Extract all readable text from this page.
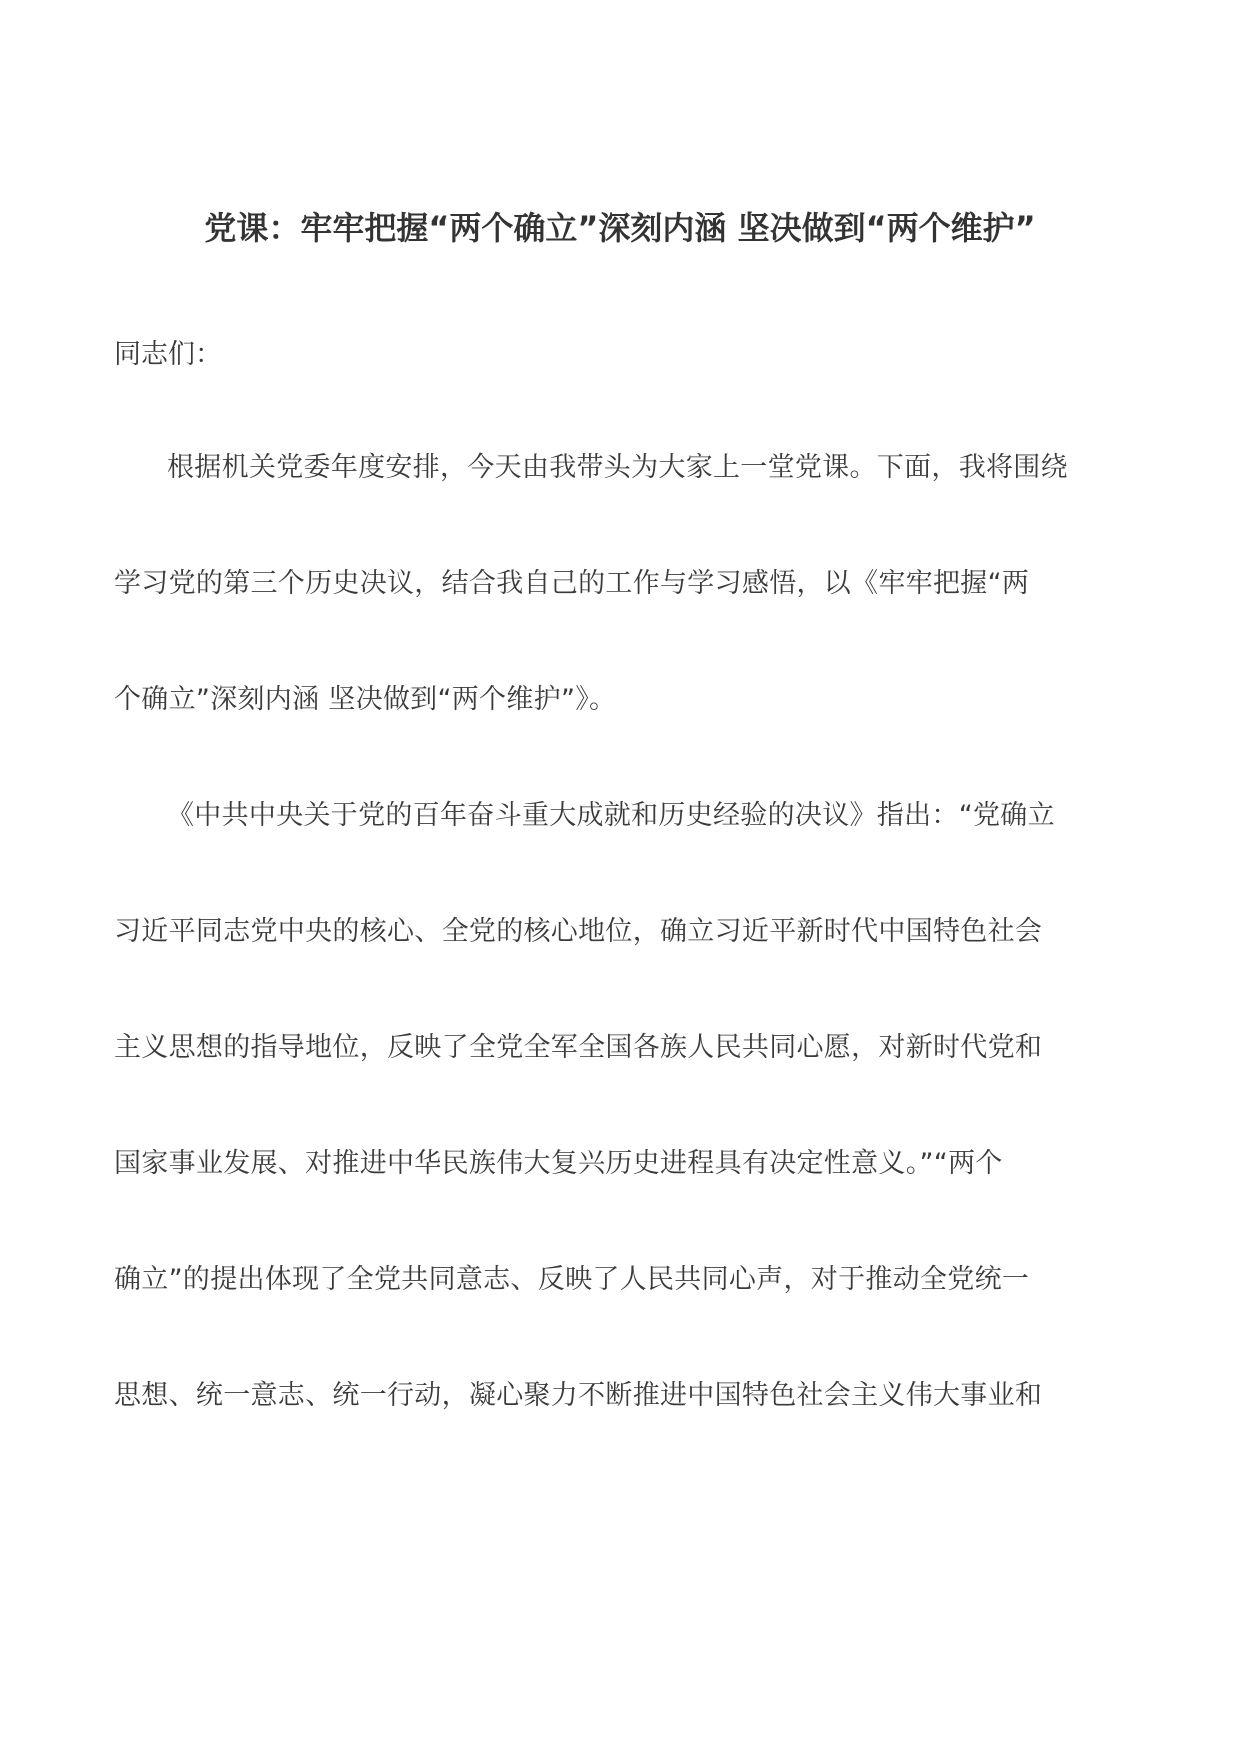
党课：牢牢把握“两个确立”深刻内涵 坚决做到“两个维护”

同志们：

根据机关党委年度安排，今天由我带头为大家上一堂党课。下面，我将围绕

学习党的第三个历史决议，结合我自己的工作与学习感悟，以《牢牢把握“两

个确立”深刻内涵 坚决做到“两个维护”》。

《中共中央关于党的百年奋斗重大成就和历史经验的决议》指出：“党确立

习近平同志党中央的核心、全党的核心地位，确立习近平新时代中国特色社会

主义思想的指导地位，反映了全党全军全国各族人民共同心愿，对新时代党和

国家事业发展、对推进中华民族伟大复兴历史进程具有决定性意义。”“两个

确立”的提出体现了全党共同意志、反映了人民共同心声，对于推动全党统一

思想、统一意志、统一行动，凝心聚力不断推进中国特色社会主义伟大事业和
